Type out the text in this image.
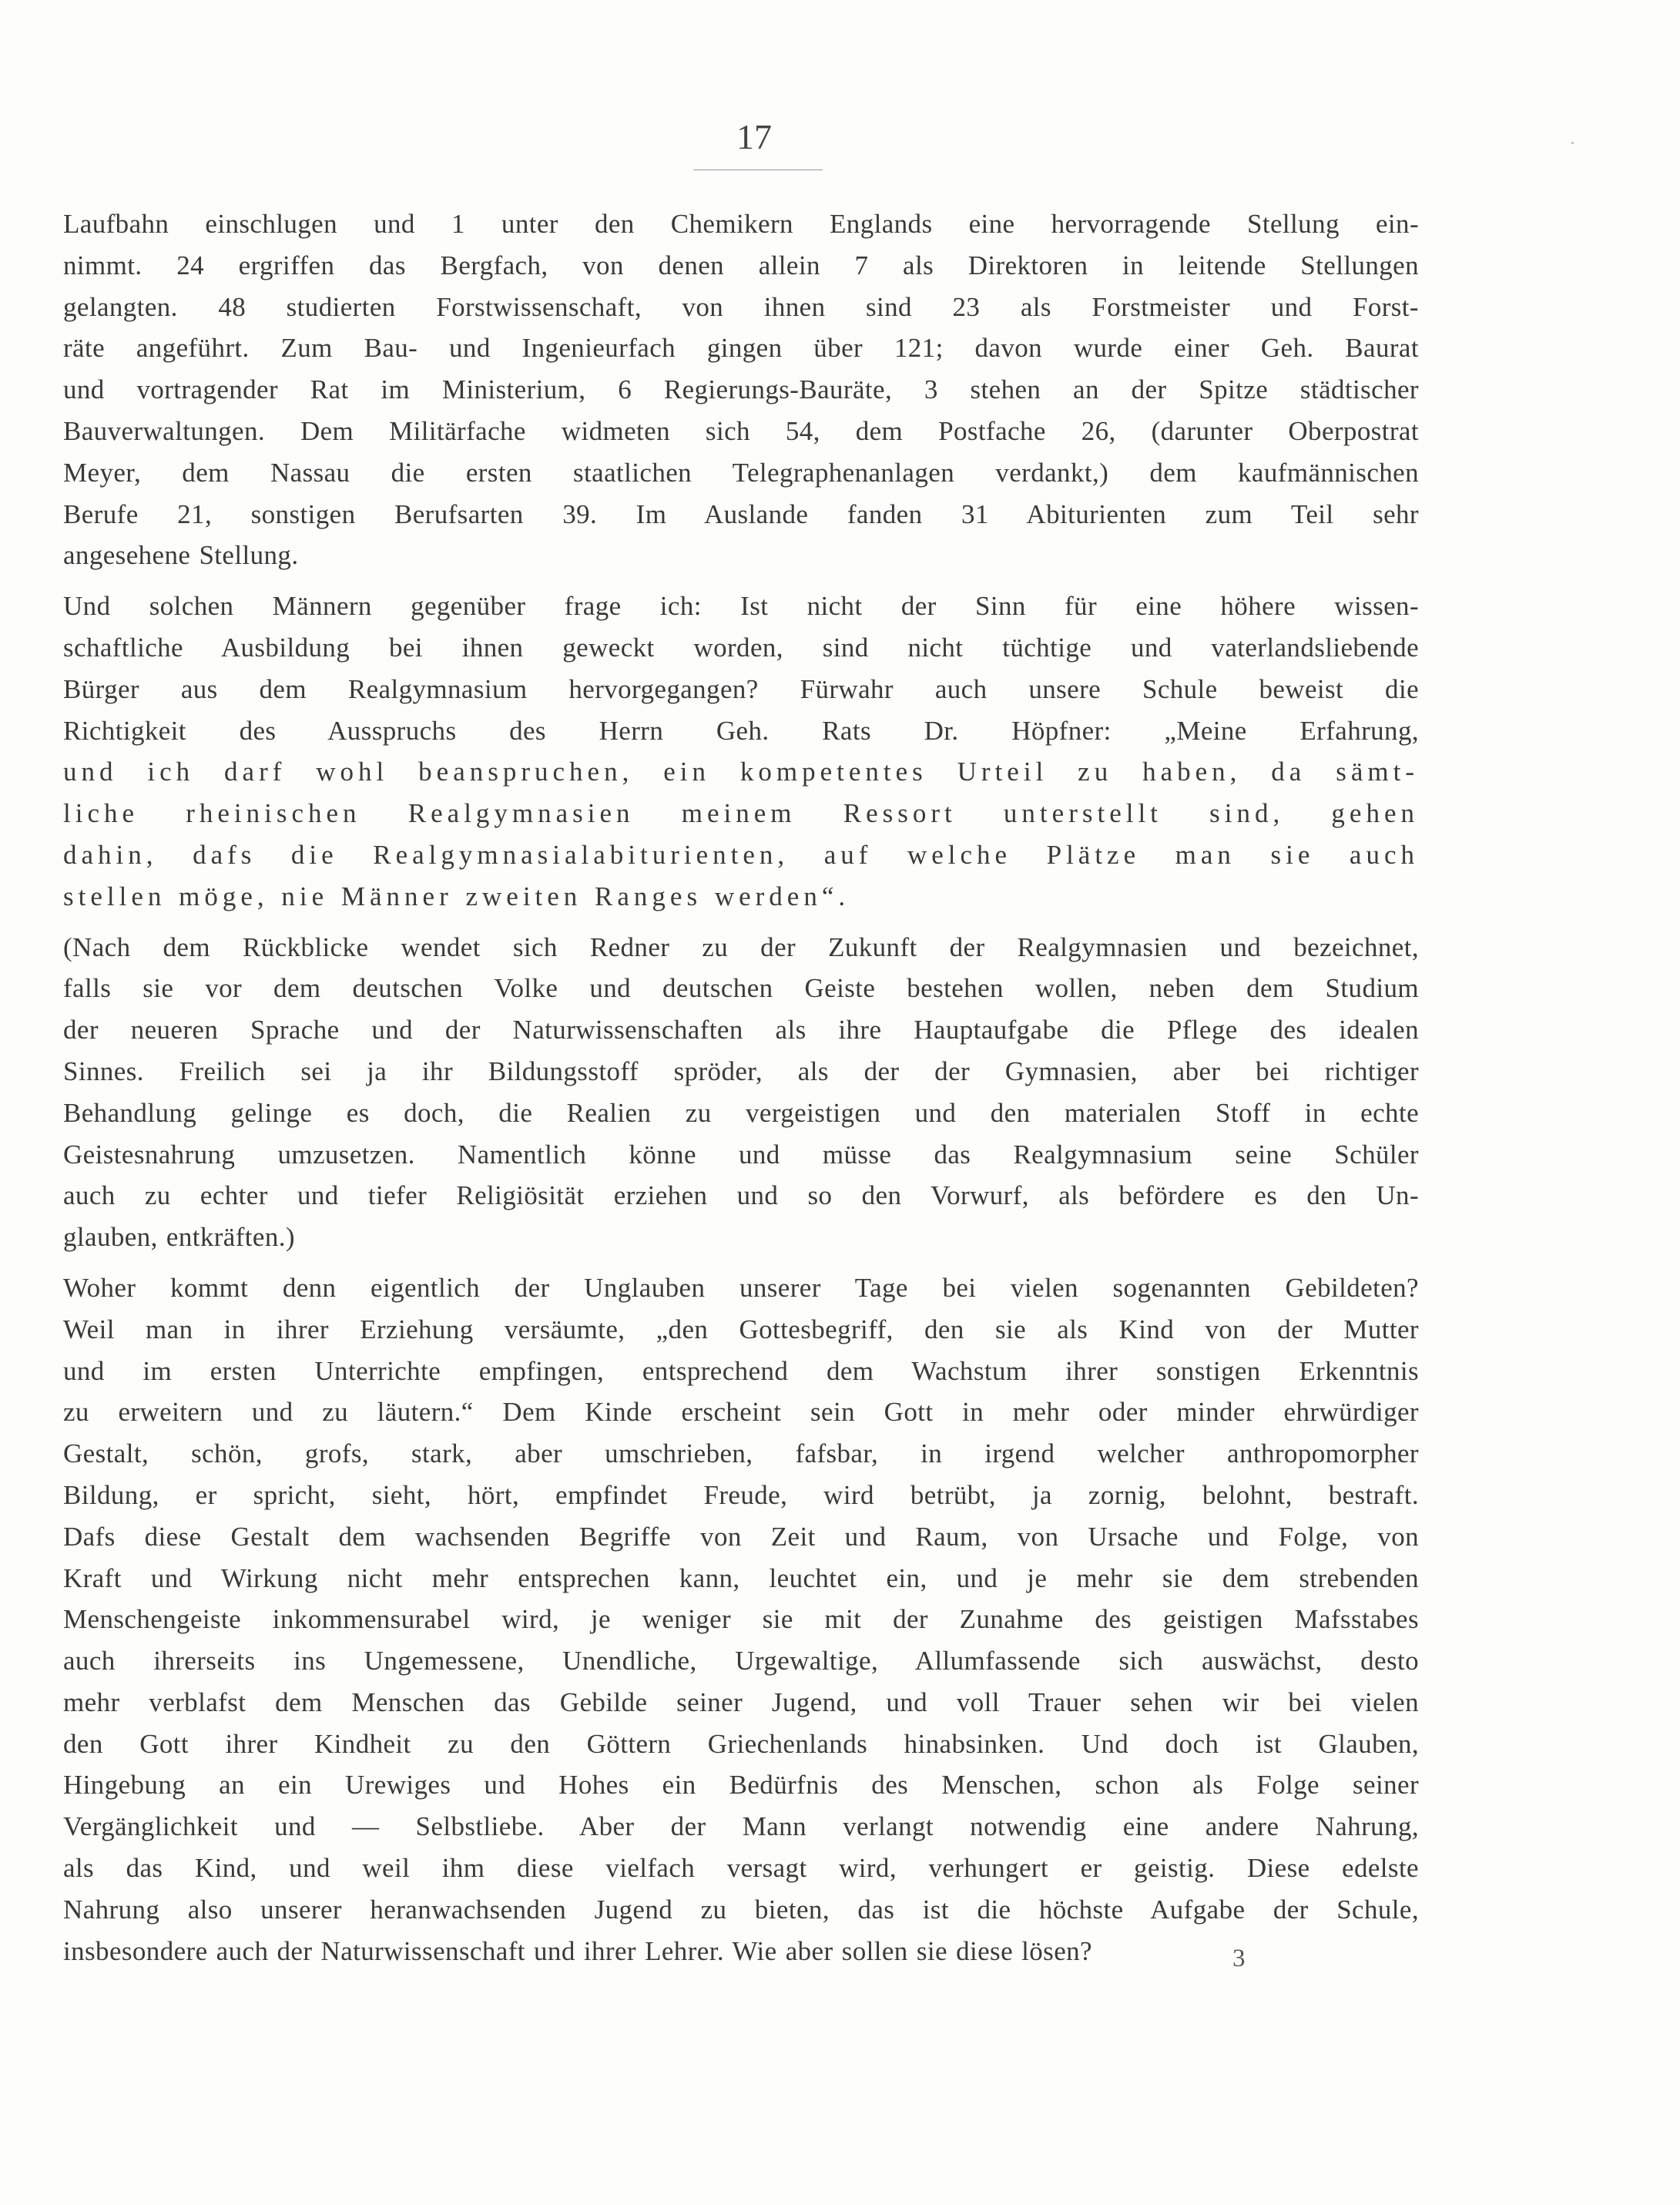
17
Laufbahn einschlugen und 1 unter den Chemikern Englands eine hervorragende Stellung ein-
nimmt. 24 ergriffen das Bergfach, von denen allein 7 als Direktoren in leitende Stellungen
gelangten. 48 studierten Forstwissenschaft, von ihnen sind 23 als Forstmeister und Forst-
räte angeführt. Zum Bau- und Ingenieurfach gingen über 121; davon wurde einer Geh. Baurat
und vortragender Rat im Ministerium, 6 Regierungs-Bauräte, 3 stehen an der Spitze städtischer
Bauverwaltungen. Dem Militärfache widmeten sich 54, dem Postfache 26, (darunter Oberpostrat
Meyer, dem Nassau die ersten staatlichen Telegraphenanlagen verdankt,) dem kaufmännischen
Berufe 21, sonstigen Berufsarten 39. Im Auslande fanden 31 Abiturienten zum Teil sehr
angesehene Stellung.
Und solchen Männern gegenüber frage ich: Ist nicht der Sinn für eine höhere wissen-
schaftliche Ausbildung bei ihnen geweckt worden, sind nicht tüchtige und vaterlandsliebende
Bürger aus dem Realgymnasium hervorgegangen? Fürwahr auch unsere Schule beweist die
Richtigkeit des Ausspruchs des Herrn Geh. Rats Dr. Höpfner: „Meine Erfahrung,
und ich darf wohl beanspruchen, ein kompetentes Urteil zu haben, da sämt-
liche rheinischen Realgymnasien meinem Ressort unterstellt sind, gehen
dahin, dafs die Realgymnasialabiturienten, auf welche Plätze man sie auch
stellen möge, nie Männer zweiten Ranges werden“.
(Nach dem Rückblicke wendet sich Redner zu der Zukunft der Realgymnasien und bezeichnet,
falls sie vor dem deutschen Volke und deutschen Geiste bestehen wollen, neben dem Studium
der neueren Sprache und der Naturwissenschaften als ihre Hauptaufgabe die Pflege des idealen
Sinnes. Freilich sei ja ihr Bildungsstoff spröder, als der der Gymnasien, aber bei richtiger
Behandlung gelinge es doch, die Realien zu vergeistigen und den materialen Stoff in echte
Geistesnahrung umzusetzen. Namentlich könne und müsse das Realgymnasium seine Schüler
auch zu echter und tiefer Religiösität erziehen und so den Vorwurf, als befördere es den Un-
glauben, entkräften.)
Woher kommt denn eigentlich der Unglauben unserer Tage bei vielen sogenannten Gebildeten?
Weil man in ihrer Erziehung versäumte, „den Gottesbegriff, den sie als Kind von der Mutter
und im ersten Unterrichte empfingen, entsprechend dem Wachstum ihrer sonstigen Erkenntnis
zu erweitern und zu läutern.“ Dem Kinde erscheint sein Gott in mehr oder minder ehrwürdiger
Gestalt, schön, grofs, stark, aber umschrieben, fafsbar, in irgend welcher anthropomorpher
Bildung, er spricht, sieht, hört, empfindet Freude, wird betrübt, ja zornig, belohnt, bestraft.
Dafs diese Gestalt dem wachsenden Begriffe von Zeit und Raum, von Ursache und Folge, von
Kraft und Wirkung nicht mehr entsprechen kann, leuchtet ein, und je mehr sie dem strebenden
Menschengeiste inkommensurabel wird, je weniger sie mit der Zunahme des geistigen Mafsstabes
auch ihrerseits ins Ungemessene, Unendliche, Urgewaltige, Allumfassende sich auswächst, desto
mehr verblafst dem Menschen das Gebilde seiner Jugend, und voll Trauer sehen wir bei vielen
den Gott ihrer Kindheit zu den Göttern Griechenlands hinabsinken. Und doch ist Glauben,
Hingebung an ein Urewiges und Hohes ein Bedürfnis des Menschen, schon als Folge seiner
Vergänglichkeit und — Selbstliebe. Aber der Mann verlangt notwendig eine andere Nahrung,
als das Kind, und weil ihm diese vielfach versagt wird, verhungert er geistig. Diese edelste
Nahrung also unserer heranwachsenden Jugend zu bieten, das ist die höchste Aufgabe der Schule,
insbesondere auch der Naturwissenschaft und ihrer Lehrer. Wie aber sollen sie diese lösen?	3
